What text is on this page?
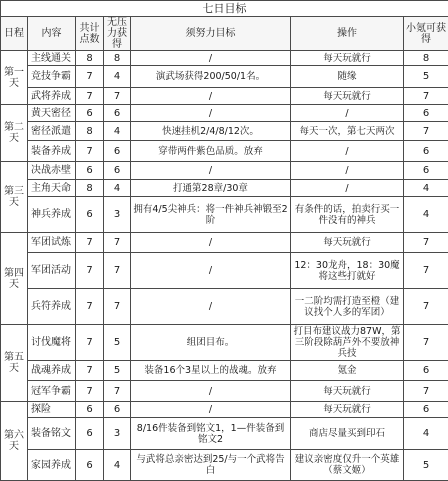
七日目标						
日程	内容	共计点数	无压力获得	须努力目标	操作	小氪可获得
第一天	主线通关	8	8	/	每天玩就行	8
	竞技争霸	7	4	演武场获得200/50/1名。	随缘	5
	武将养成	7	7	/	每天玩就行	7
第二天	黄天密径	6	6	/	/	6
	密径派遣	8	4	快速挂机2/4/8/12次。	每天一次，第七天两次	7
	装备养成	7	6	穿带两件紫色品质。放弃	/	6
第三天	决战赤壁	6	6	/	/	6
	主角天命	8	4	打通第28章/30章	/	4
	神兵养成	6	3	拥有4/5尖神兵：将一件神兵神锻至2阶	有条件的话，拍卖行买一件没有的神兵	4
第四天	军团试炼	7	7	/	每天玩就行	7
	军团活动	7	7	/	12：30龙舟，18：30魔将这些打就好	7
	兵符养成	7	7	/	一二阶均需打造至橙（建议找个人多的军团）	7
第五天	讨伐魔将	7	5	组团目布。	打目布建议战力87W，第三阶段除葫芦外不要放神兵技	7
	战魂养成	7	5	装备16个3星以上的战魂。放弃	氪金	6
	冠军争霸	7	7	/	每天玩就行	7
第六天	探险	6	6	/	每天玩就行	6
	装备铭文	6	3	8/16件装备到铭文1，1—件装备到铭文2	商店尽量买到印石	4
	家园养成	6	4	与武将总亲密达到25/与一个武将告白	建议亲密度仅升一个英雄（蔡文姬）	5
